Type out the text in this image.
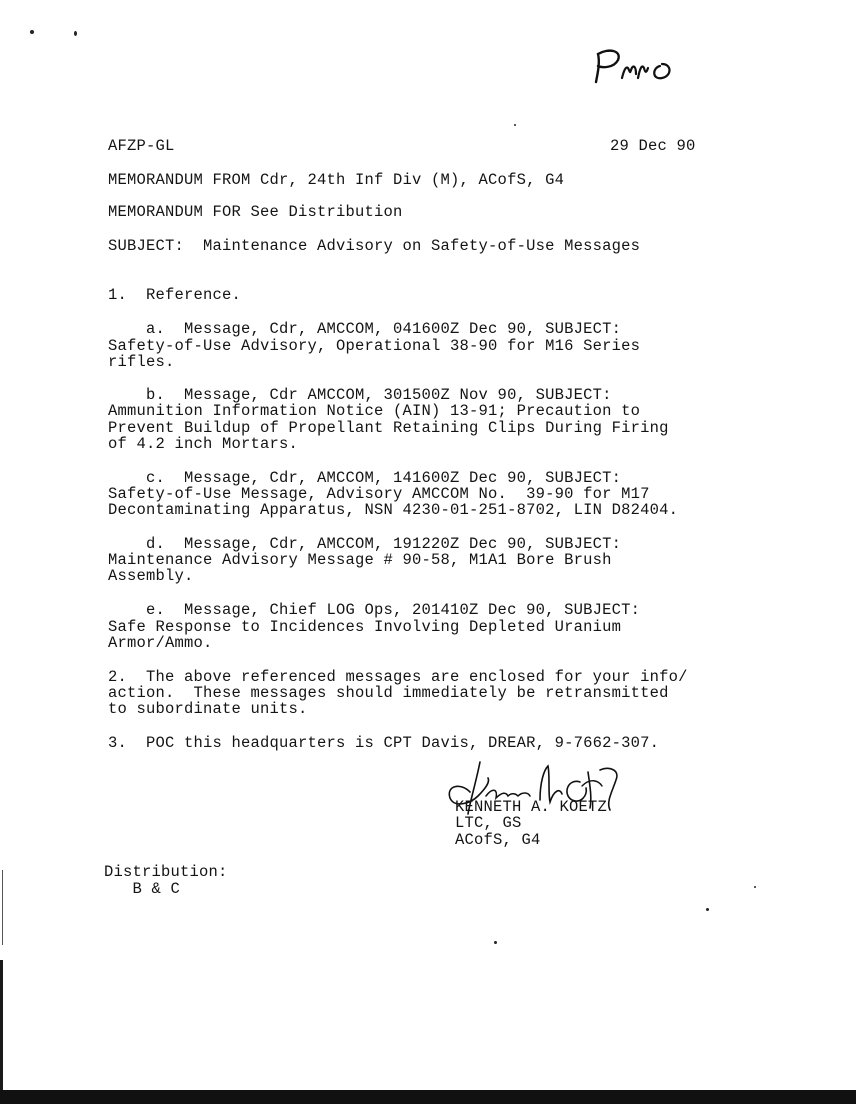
AFZP-GL	29 Dec 90
MEMORANDUM FROM Cdr, 24th Inf Div (M), ACofS, G4
MEMORANDUM FOR See Distribution
SUBJECT:  Maintenance Advisory on Safety-of-Use Messages
1.  Reference.
a.  Message, Cdr, AMCCOM, 041600Z Dec 90, SUBJECT:
Safety-of-Use Advisory, Operational 38-90 for M16 Series
rifles.
b.  Message, Cdr AMCCOM, 301500Z Nov 90, SUBJECT:
Ammunition Information Notice (AIN) 13-91; Precaution to
Prevent Buildup of Propellant Retaining Clips During Firing
of 4.2 inch Mortars.
c.  Message, Cdr, AMCCOM, 141600Z Dec 90, SUBJECT:
Safety-of-Use Message, Advisory AMCCOM No.  39-90 for M17
Decontaminating Apparatus, NSN 4230-01-251-8702, LIN D82404.
d.  Message, Cdr, AMCCOM, 191220Z Dec 90, SUBJECT:
Maintenance Advisory Message # 90-58, M1A1 Bore Brush
Assembly.
e.  Message, Chief LOG Ops, 201410Z Dec 90, SUBJECT:
Safe Response to Incidences Involving Depleted Uranium
Armor/Ammo.
2.  The above referenced messages are enclosed for your info/
action.  These messages should immediately be retransmitted
to subordinate units.
3.  POC this headquarters is CPT Davis, DREAR, 9-7662-307.
KENNETH A. KOETZ
LTC, GS
ACofS, G4
Distribution:
B & C
